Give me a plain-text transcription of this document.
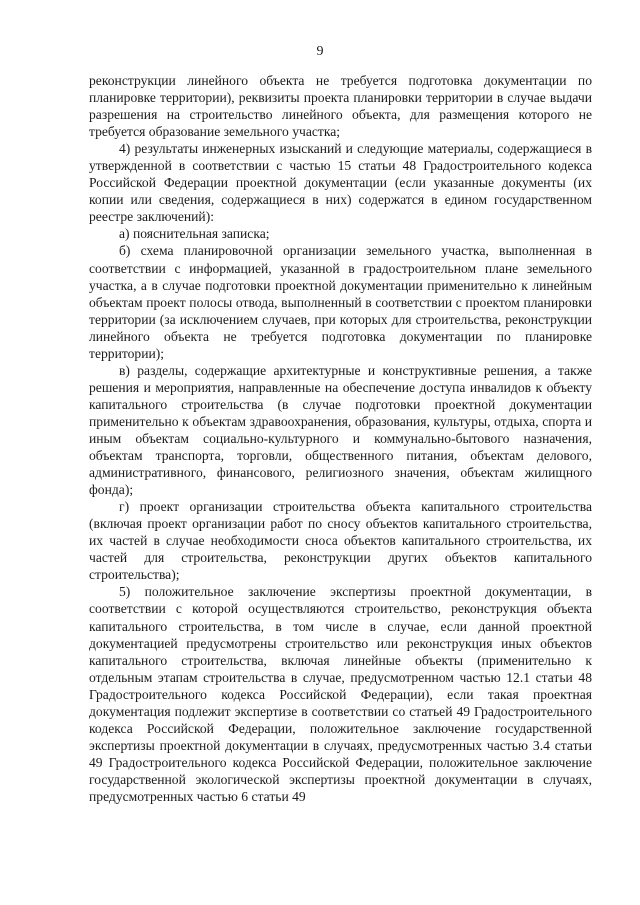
9

реконструкции линейного объекта не требуется подготовка документации по планировке территории), реквизиты проекта планировки территории в случае выдачи разрешения на строительство линейного объекта, для размещения которого не требуется образование земельного участка;

4) результаты инженерных изысканий и следующие материалы, содержащиеся в утвержденной в соответствии с частью 15 статьи 48 Градостроительного кодекса Российской Федерации проектной документации (если указанные документы (их копии или сведения, содержащиеся в них) содержатся в едином государственном реестре заключений):

а) пояснительная записка;

б) схема планировочной организации земельного участка, выполненная в соответствии с информацией, указанной в градостроительном плане земельного участка, а в случае подготовки проектной документации применительно к линейным объектам проект полосы отвода, выполненный в соответствии с проектом планировки территории (за исключением случаев, при которых для строительства, реконструкции линейного объекта не требуется подготовка документации по планировке территории);

в) разделы, содержащие архитектурные и конструктивные решения, а также решения и мероприятия, направленные на обеспечение доступа инвалидов к объекту капитального строительства (в случае подготовки проектной документации применительно к объектам здравоохранения, образования, культуры, отдыха, спорта и иным объектам социально-культурного и коммунально-бытового назначения, объектам транспорта, торговли, общественного питания, объектам делового, административного, финансового, религиозного значения, объектам жилищного фонда);

г) проект организации строительства объекта капитального строительства (включая проект организации работ по сносу объектов капитального строительства, их частей в случае необходимости сноса объектов капитального строительства, их частей для строительства, реконструкции других объектов капитального строительства);

5) положительное заключение экспертизы проектной документации, в соответствии с которой осуществляются строительство, реконструкция объекта капитального строительства, в том числе в случае, если данной проектной документацией предусмотрены строительство или реконструкция иных объектов капитального строительства, включая линейные объекты (применительно к отдельным этапам строительства в случае, предусмотренном частью 12.1 статьи 48 Градостроительного кодекса Российской Федерации), если такая проектная документация подлежит экспертизе в соответствии со статьей 49 Градостроительного кодекса Российской Федерации, положительное заключение государственной экспертизы проектной документации в случаях, предусмотренных частью 3.4 статьи 49 Градостроительного кодекса Российской Федерации, положительное заключение государственной экологической экспертизы проектной документации в случаях, предусмотренных частью 6 статьи 49
